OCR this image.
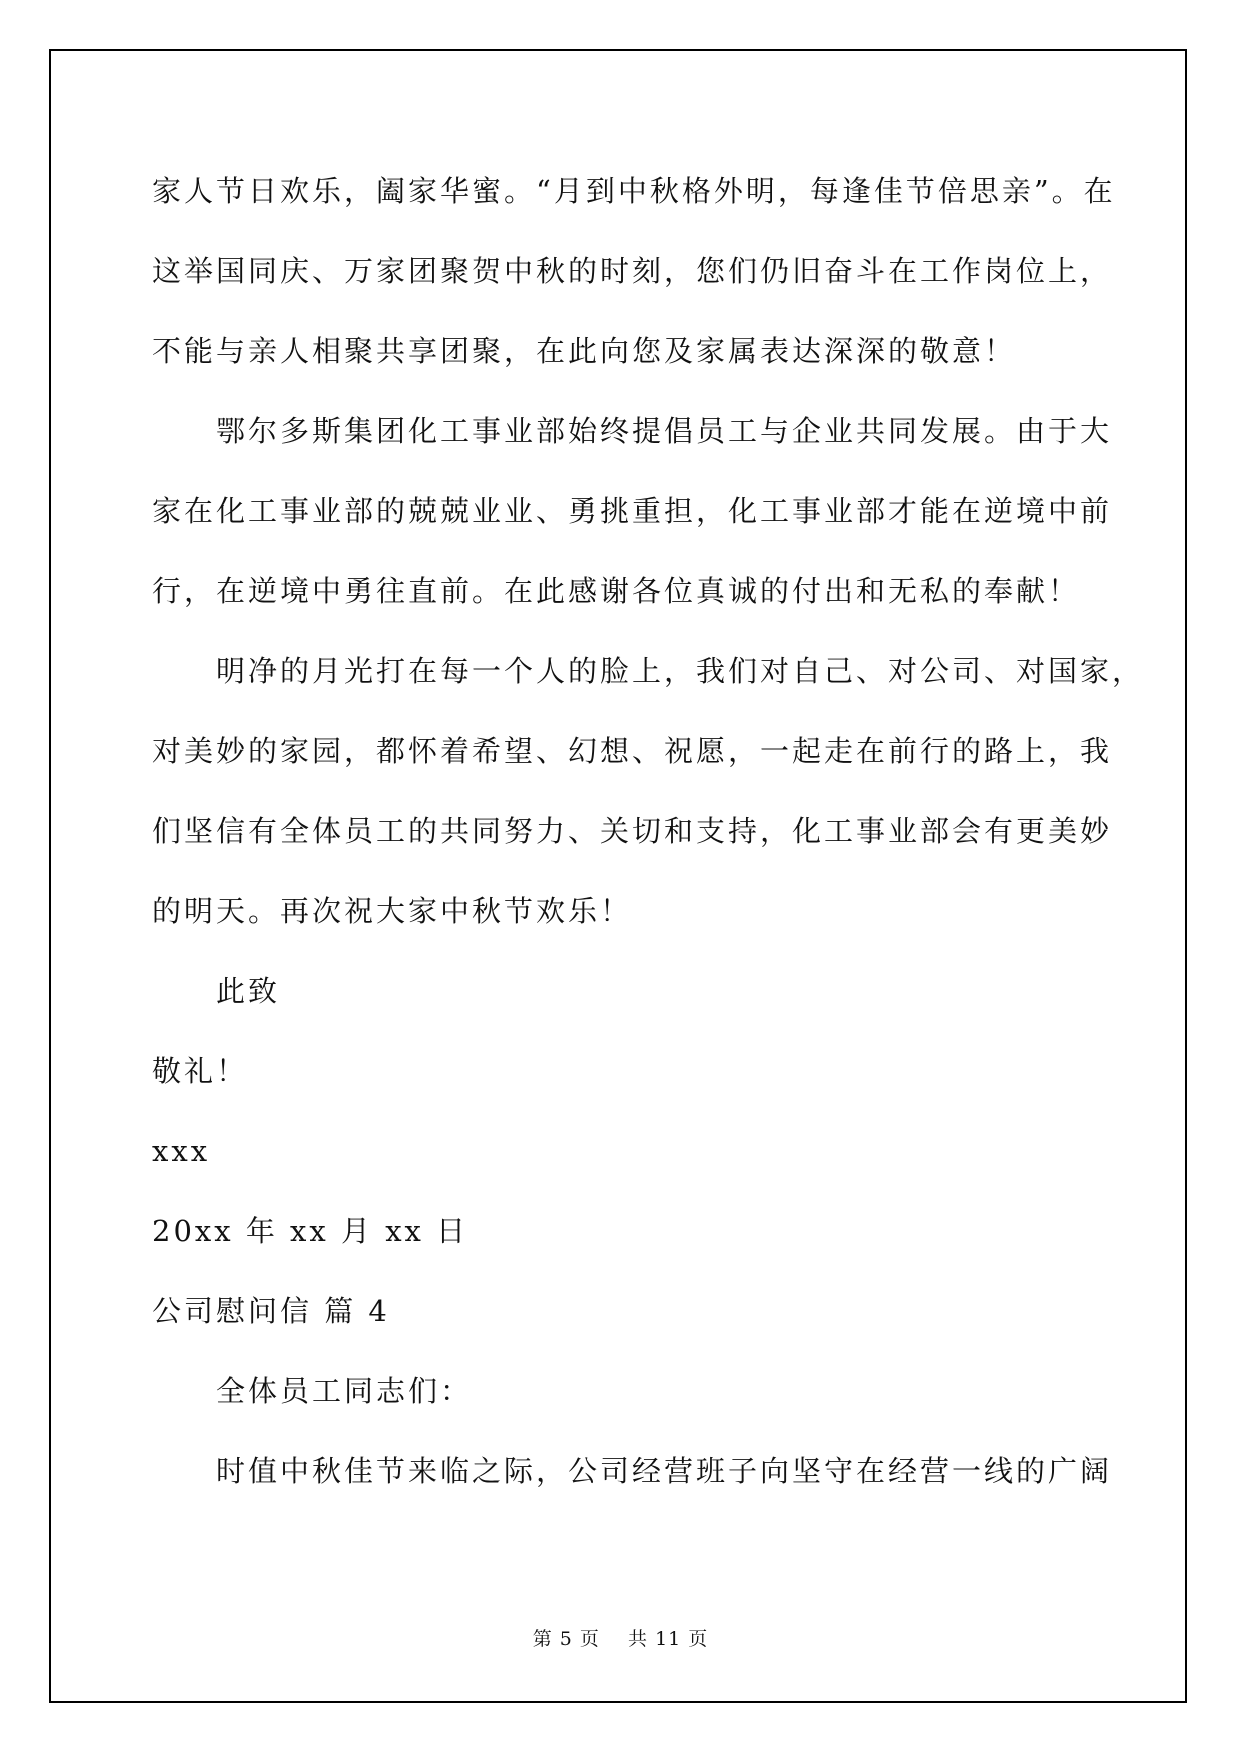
家人节日欢乐，阖家华蜜。“月到中秋格外明，每逢佳节倍思亲”。在
这举国同庆、万家团聚贺中秋的时刻，您们仍旧奋斗在工作岗位上，
不能与亲人相聚共享团聚，在此向您及家属表达深深的敬意！
鄂尔多斯集团化工事业部始终提倡员工与企业共同发展。由于大
家在化工事业部的兢兢业业、勇挑重担，化工事业部才能在逆境中前
行，在逆境中勇往直前。在此感谢各位真诚的付出和无私的奉献！
明净的月光打在每一个人的脸上，我们对自己、对公司、对国家，
对美妙的家园，都怀着希望、幻想、祝愿，一起走在前行的路上，我
们坚信有全体员工的共同努力、关切和支持，化工事业部会有更美妙
的明天。再次祝大家中秋节欢乐！
此致
敬礼！
xxx
20xx 年 xx 月 xx 日
公司慰问信 篇 4
全体员工同志们：
时值中秋佳节来临之际，公司经营班子向坚守在经营一线的广阔
第 5 页    共 11 页
